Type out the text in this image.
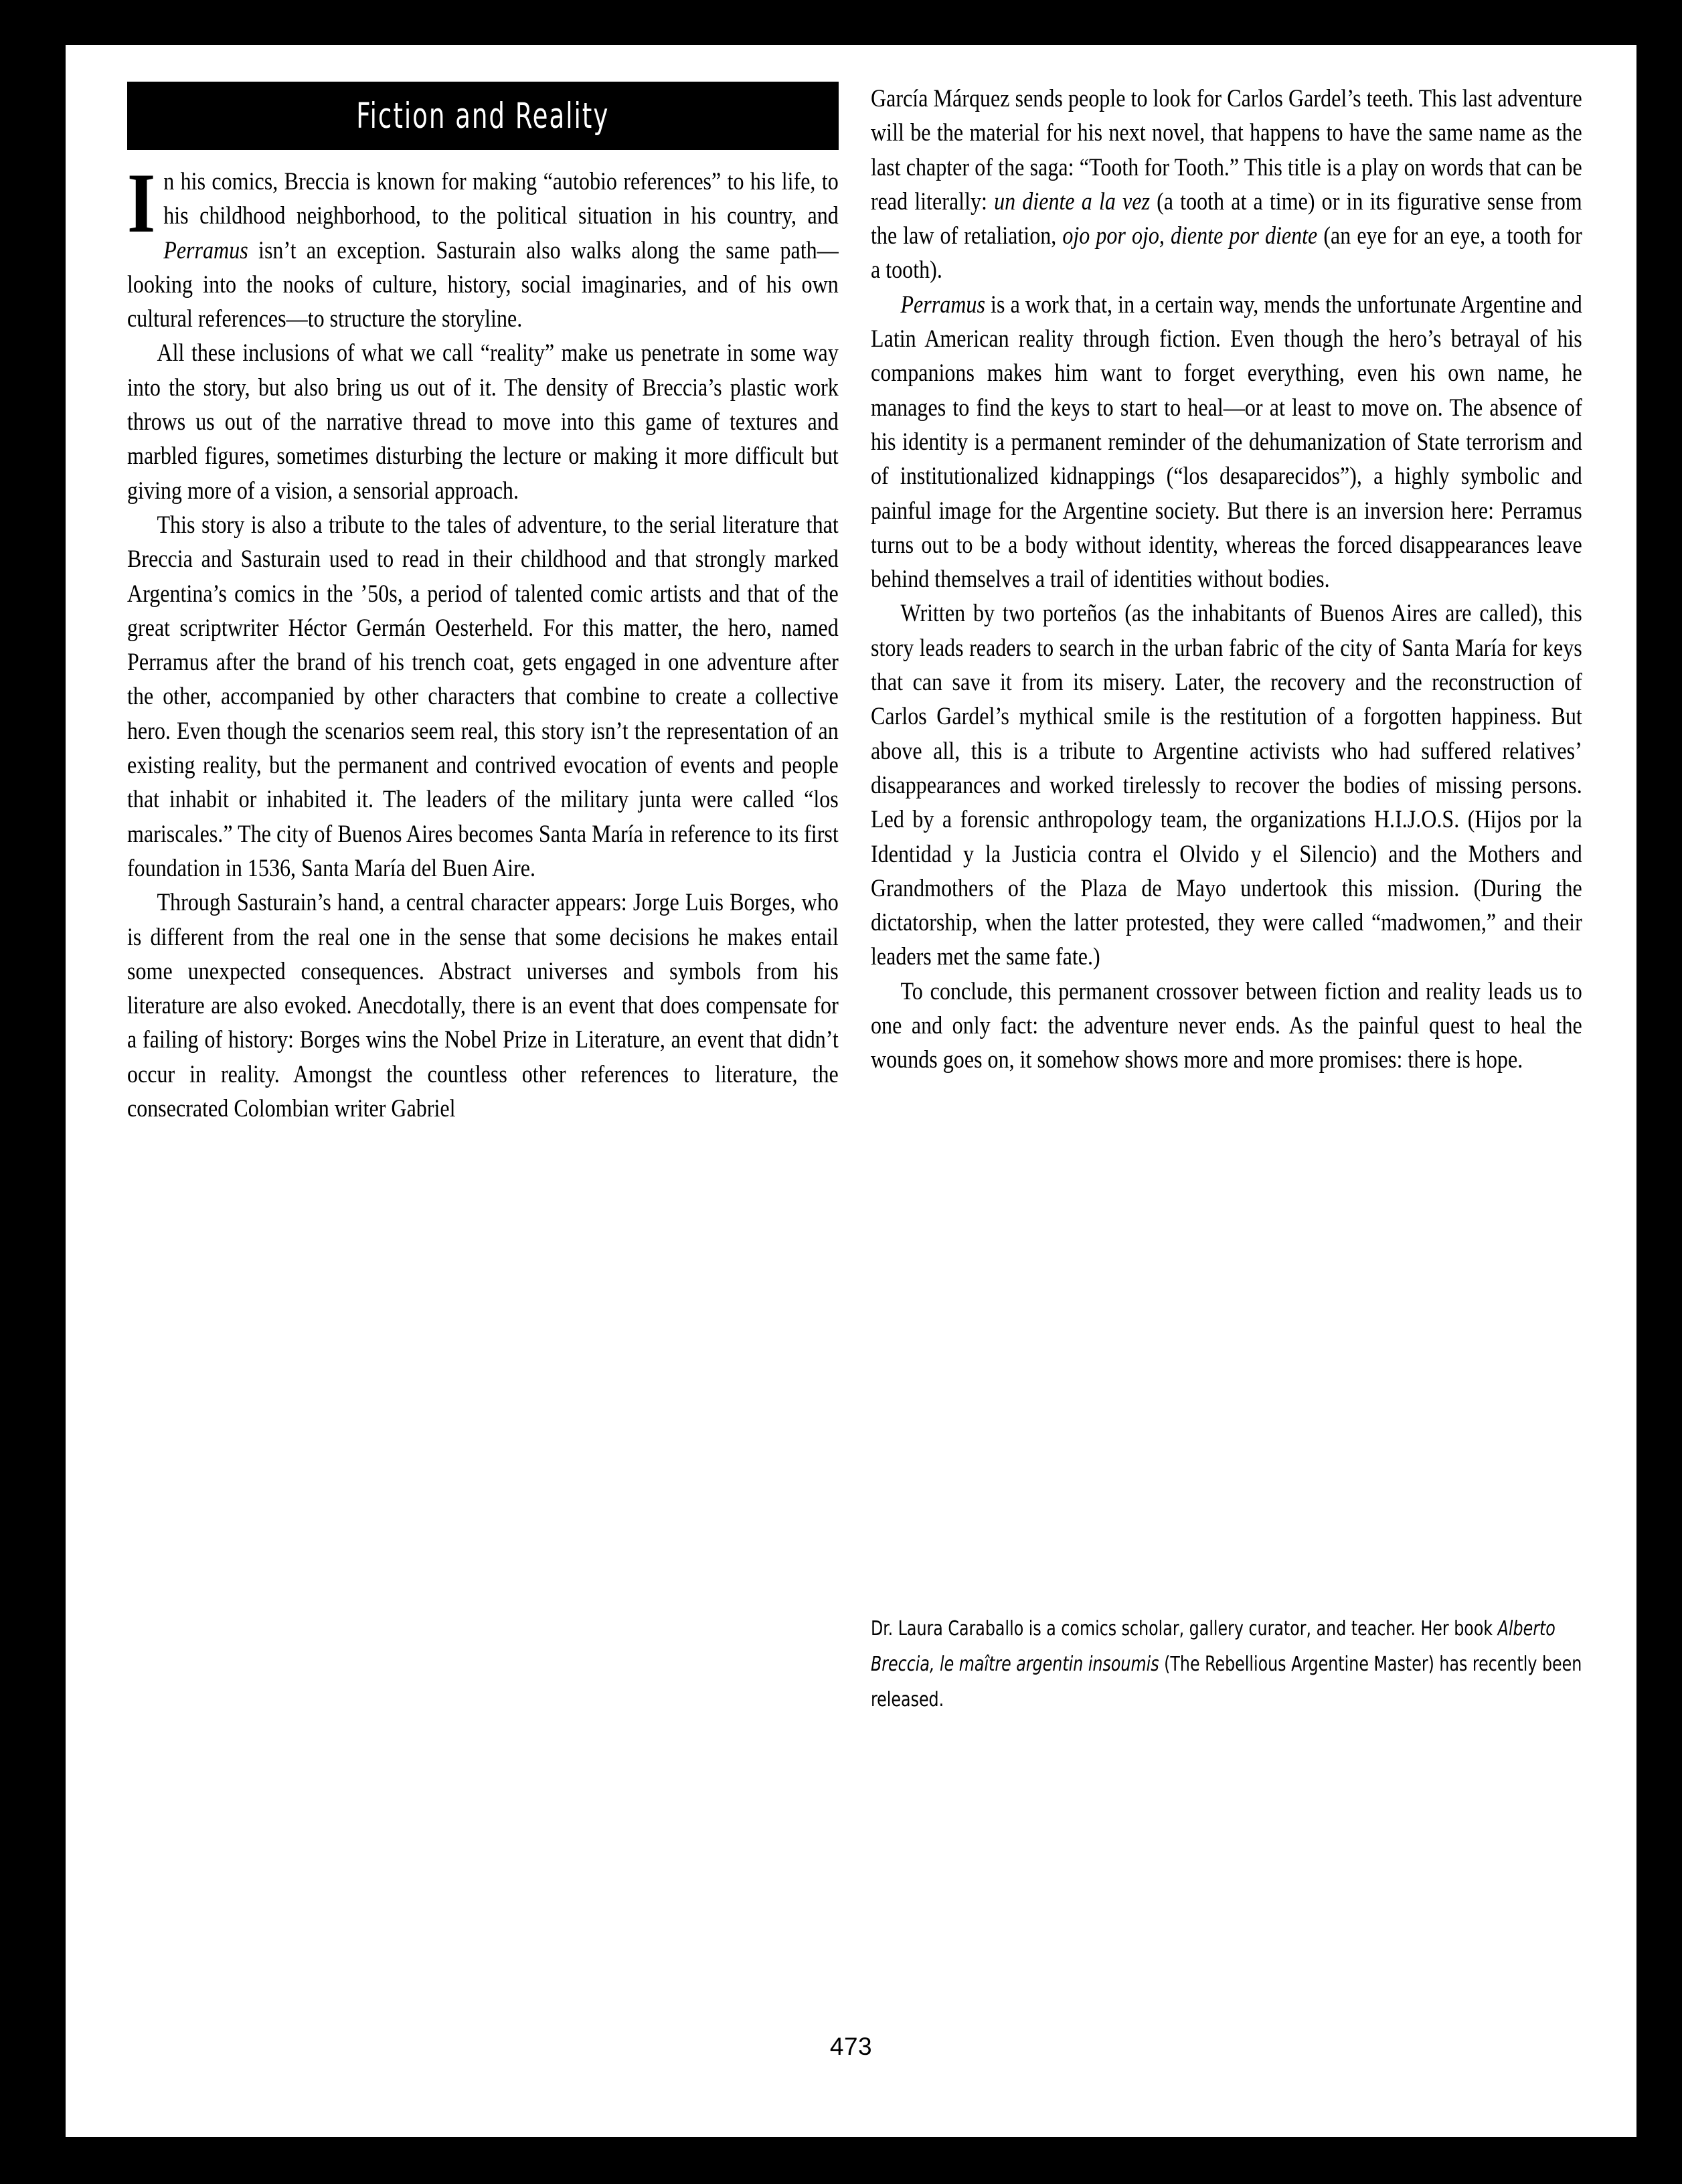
Fiction and Reality

In his comics, Breccia is known for making “autobio references” to his life, to his childhood neighborhood, to the political situation in his country, and Perramus isn’t an exception. Sasturain also walks along the same path—looking into the nooks of culture, history, social imaginaries, and of his own cultural references—to structure the storyline.

All these inclusions of what we call “reality” make us penetrate in some way into the story, but also bring us out of it. The density of Breccia’s plastic work throws us out of the narrative thread to move into this game of textures and marbled figures, sometimes disturbing the lecture or making it more difficult but giving more of a vision, a sensorial approach.

This story is also a tribute to the tales of adventure, to the serial literature that Breccia and Sasturain used to read in their childhood and that strongly marked Argentina’s comics in the ’50s, a period of talented comic artists and that of the great scriptwriter Héctor Germán Oesterheld. For this matter, the hero, named Perramus after the brand of his trench coat, gets engaged in one adventure after the other, accompanied by other characters that combine to create a collective hero. Even though the scenarios seem real, this story isn’t the representation of an existing reality, but the permanent and contrived evocation of events and people that inhabit or inhabited it. The leaders of the military junta were called “los mariscales.” The city of Buenos Aires becomes Santa María in reference to its first foundation in 1536, Santa María del Buen Aire.

Through Sasturain’s hand, a central character appears: Jorge Luis Borges, who is different from the real one in the sense that some decisions he makes entail some unexpected consequences. Abstract universes and symbols from his literature are also evoked. Anecdotally, there is an event that does compensate for a failing of history: Borges wins the Nobel Prize in Literature, an event that didn’t occur in reality. Amongst the countless other references to literature, the consecrated Colombian writer Gabriel

García Márquez sends people to look for Carlos Gardel’s teeth. This last adventure will be the material for his next novel, that happens to have the same name as the last chapter of the saga: “Tooth for Tooth.” This title is a play on words that can be read literally: un diente a la vez (a tooth at a time) or in its figurative sense from the law of retaliation, ojo por ojo, diente por diente (an eye for an eye, a tooth for a tooth).

Perramus is a work that, in a certain way, mends the unfortunate Argentine and Latin American reality through fiction. Even though the hero’s betrayal of his companions makes him want to forget everything, even his own name, he manages to find the keys to start to heal—or at least to move on. The absence of his identity is a permanent reminder of the dehumanization of State terrorism and of institutionalized kidnappings (“los desaparecidos”), a highly symbolic and painful image for the Argentine society. But there is an inversion here: Perramus turns out to be a body without identity, whereas the forced disappearances leave behind themselves a trail of identities without bodies.

Written by two porteños (as the inhabitants of Buenos Aires are called), this story leads readers to search in the urban fabric of the city of Santa María for keys that can save it from its misery. Later, the recovery and the reconstruction of Carlos Gardel’s mythical smile is the restitution of a forgotten happiness. But above all, this is a tribute to Argentine activists who had suffered relatives’ disappearances and worked tirelessly to recover the bodies of missing persons. Led by a forensic anthropology team, the organizations H.I.J.O.S. (Hijos por la Identidad y la Justicia contra el Olvido y el Silencio) and the Mothers and Grandmothers of the Plaza de Mayo undertook this mission. (During the dictatorship, when the latter protested, they were called “madwomen,” and their leaders met the same fate.)

To conclude, this permanent crossover between fiction and reality leads us to one and only fact: the adventure never ends. As the painful quest to heal the wounds goes on, it somehow shows more and more promises: there is hope.

Dr. Laura Caraballo is a comics scholar, gallery curator, and teacher. Her book Alberto Breccia, le maître argentin insoumis (The Rebellious Argentine Master) has recently been released.

473
